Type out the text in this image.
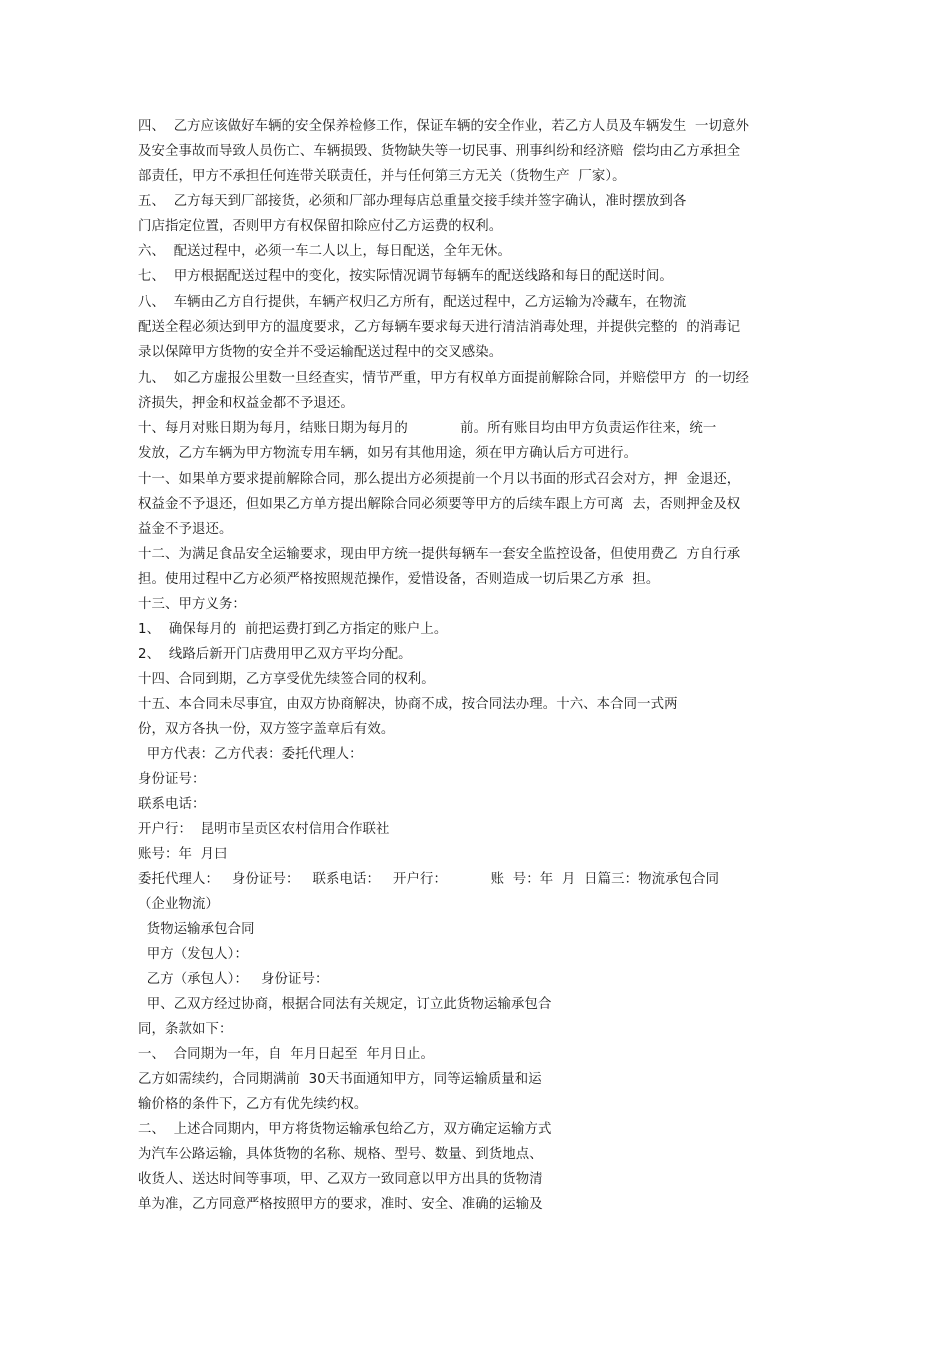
四、  乙方应该做好车辆的安全保养检修工作，保证车辆的安全作业，若乙方人员及车辆发生  一切意外
及安全事故而导致人员伤亡、车辆损毁、货物缺失等一切民事、刑事纠纷和经济赔  偿均由乙方承担全
部责任，甲方不承担任何连带关联责任，并与任何第三方无关（货物生产  厂家）。
五、  乙方每天到厂部接货，必须和厂部办理每店总重量交接手续并签字确认，准时摆放到各
门店指定位置，否则甲方有权保留扣除应付乙方运费的权利。
六、  配送过程中，必须一车二人以上，每日配送，全年无休。
七、  甲方根据配送过程中的变化，按实际情况调节每辆车的配送线路和每日的配送时间。
八、  车辆由乙方自行提供，车辆产权归乙方所有，配送过程中，乙方运输为冷藏车，在物流
配送全程必须达到甲方的温度要求，乙方每辆车要求每天进行清洁消毒处理，并提供完整的  的消毒记
录以保障甲方货物的安全并不受运输配送过程中的交叉感染。
九、  如乙方虚报公里数一旦经查实，情节严重，甲方有权单方面提前解除合同，并赔偿甲方  的一切经
济损失，押金和权益金都不予退还。
十、每月对账日期为每月，结账日期为每月的            前。所有账目均由甲方负责运作往来，统一
发放，乙方车辆为甲方物流专用车辆，如另有其他用途，须在甲方确认后方可进行。
十一、如果单方要求提前解除合同，那么提出方必须提前一个月以书面的形式召会对方，押  金退还，
权益金不予退还，但如果乙方单方提出解除合同必须要等甲方的后续车跟上方可离  去，否则押金及权
益金不予退还。
十二、为满足食品安全运输要求，现由甲方统一提供每辆车一套安全监控设备，但使用费乙  方自行承
担。使用过程中乙方必须严格按照规范操作，爱惜设备，否则造成一切后果乙方承  担。
十三、甲方义务：
1、  确保每月的  前把运费打到乙方指定的账户上。
2、  线路后新开门店费用甲乙双方平均分配。
十四、合同到期，乙方享受优先续签合同的权利。
十五、本合同未尽事宜，由双方协商解决，协商不成，按合同法办理。十六、本合同一式两
份，双方各执一份，双方签字盖章后有效。
甲方代表：乙方代表：委托代理人：
身份证号：
联系电话：
开户行：  昆明市呈贡区农村信用合作联社
账号：年  月曰
委托代理人：   身份证号：   联系电话：   开户行：          账  号：年  月  日篇三：物流承包合同
（企业物流）
货物运输承包合同
甲方（发包人）：
乙方（承包人）：   身份证号：
甲、乙双方经过协商，根据合同法有关规定，订立此货物运输承包合
同，条款如下：
一、  合同期为一年，自  年月日起至  年月日止。
乙方如需续约，合同期满前  30天书面通知甲方，同等运输质量和运
输价格的条件下，乙方有优先续约权。
二、  上述合同期内，甲方将货物运输承包给乙方，双方确定运输方式
为汽车公路运输，具体货物的名称、规格、型号、数量、到货地点、
收货人、送达时间等事项，甲、乙双方一致同意以甲方出具的货物清
单为准，乙方同意严格按照甲方的要求，准时、安全、准确的运输及
